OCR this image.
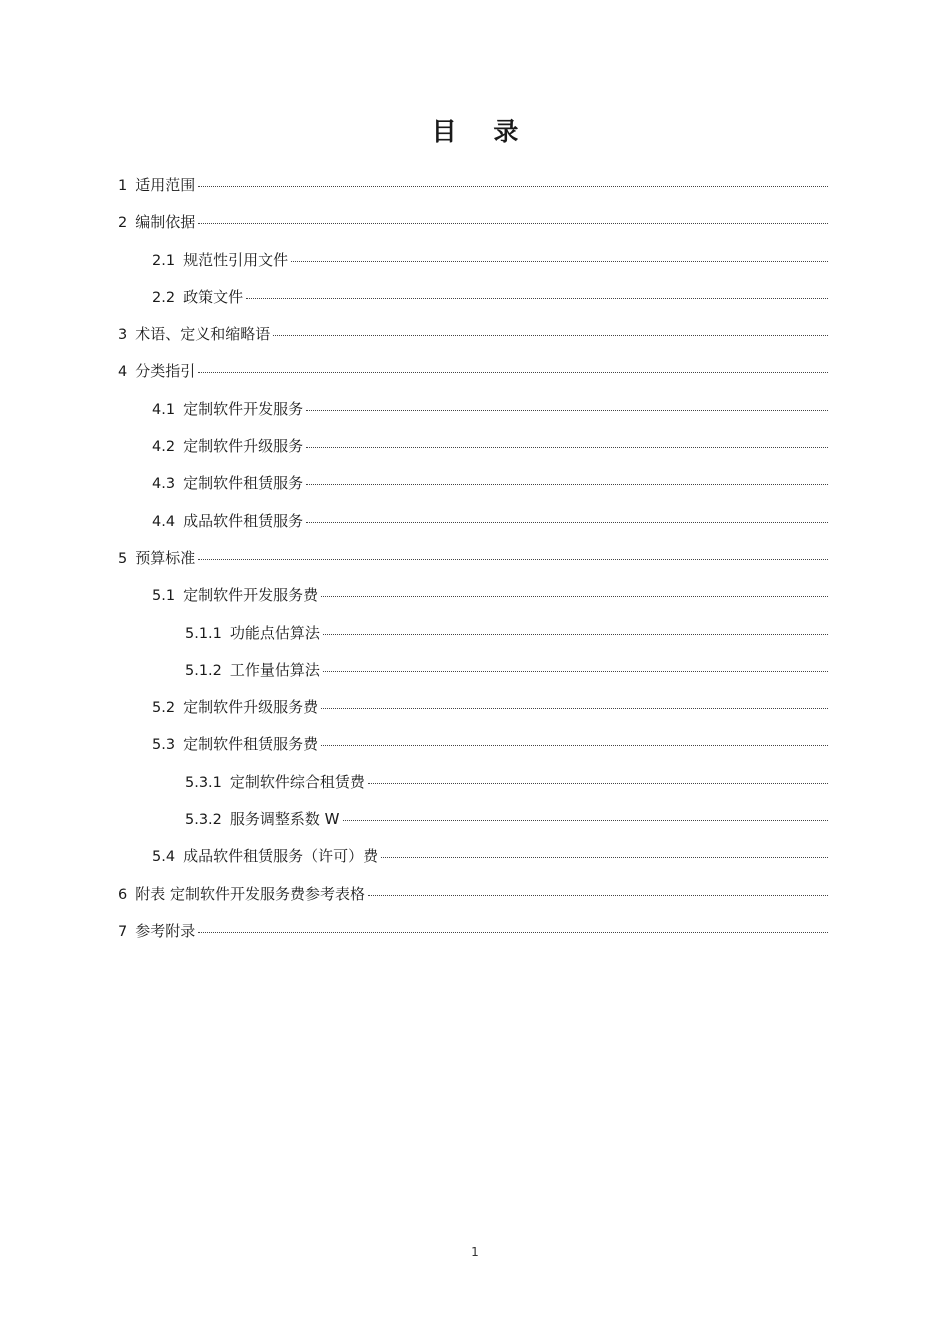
目 录
1 适用范围
2 编制依据
2.1 规范性引用文件
2.2 政策文件
3 术语、定义和缩略语
4 分类指引
4.1 定制软件开发服务
4.2 定制软件升级服务
4.3 定制软件租赁服务
4.4 成品软件租赁服务
5 预算标准
5.1 定制软件开发服务费
5.1.1 功能点估算法
5.1.2 工作量估算法
5.2 定制软件升级服务费
5.3 定制软件租赁服务费
5.3.1 定制软件综合租赁费
5.3.2 服务调整系数 W
5.4 成品软件租赁服务（许可）费
6 附表 定制软件开发服务费参考表格
7 参考附录
1
